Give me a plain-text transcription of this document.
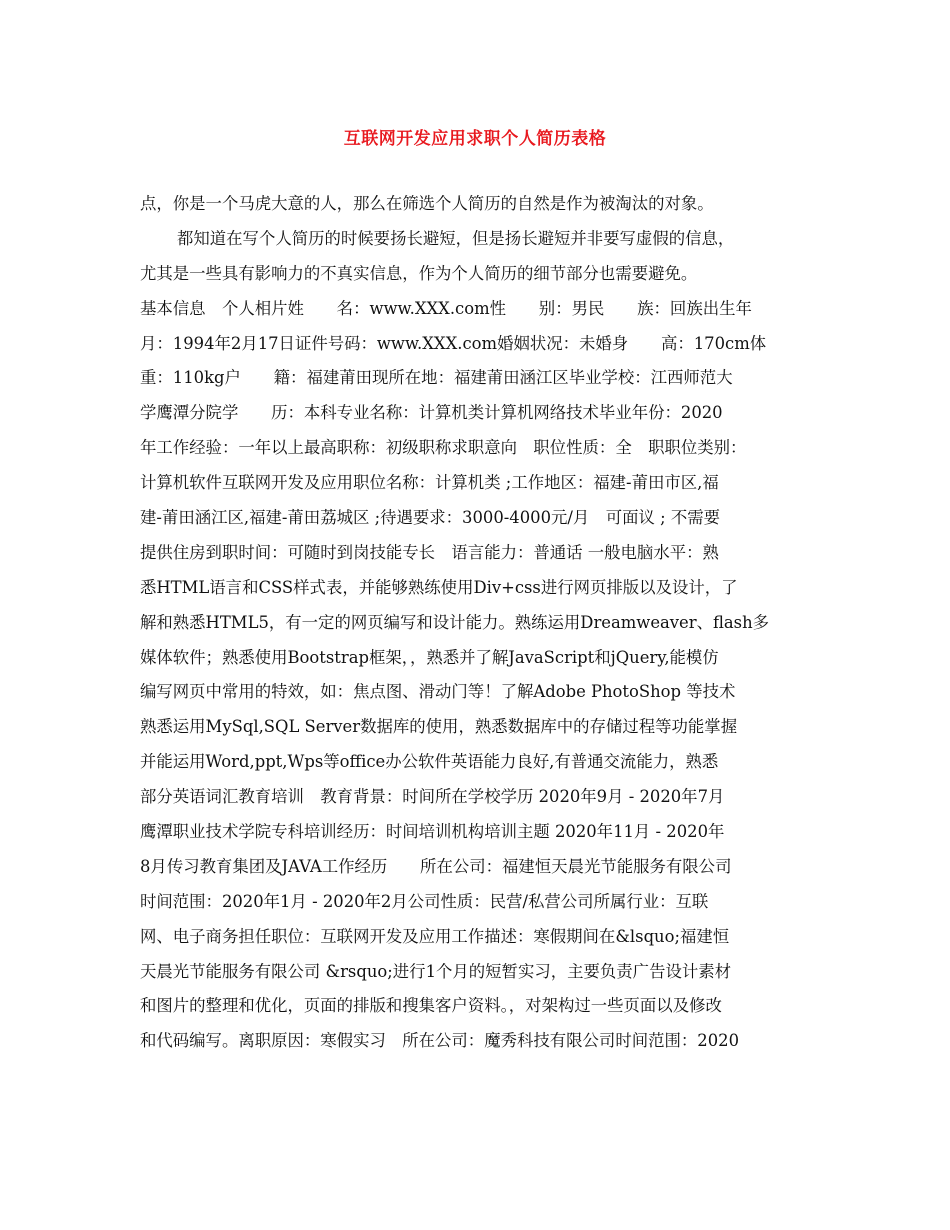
互联网开发应用求职个人简历表格
点，你是一个马虎大意的人，那么在筛选个人简历的自然是作为被淘汰的对象。
都知道在写个人简历的时候要扬长避短，但是扬长避短并非要写虚假的信息，
尤其是一些具有影响力的不真实信息，作为个人简历的细节部分也需要避免。
基本信息　个人相片姓　　名：www.XXX.com性　　别：男民　　族：回族出生年
月：1994年2月17日证件号码：www.XXX.com婚姻状况：未婚身　　高：170cm体
重：110kg户　　籍：福建莆田现所在地：福建莆田涵江区毕业学校：江西师范大
学鹰潭分院学　　历：本科专业名称：计算机类计算机网络技术毕业年份：2020
年工作经验：一年以上最高职称：初级职称求职意向　职位性质：全　职职位类别：
计算机软件互联网开发及应用职位名称：计算机类 ;工作地区：福建-莆田市区,福
建-莆田涵江区,福建-莆田荔城区 ;待遇要求：3000-4000元/月　可面议 ; 不需要
提供住房到职时间：可随时到岗技能专长　语言能力：普通话 一般电脑水平：熟
悉HTML语言和CSS样式表，并能够熟练使用Div+css进行网页排版以及设计，了
解和熟悉HTML5，有一定的网页编写和设计能力。熟练运用Dreamweaver、flash多
媒体软件；熟悉使用Bootstrap框架，，熟悉并了解JavaScript和jQuery,能模仿
编写网页中常用的特效，如：焦点图、滑动门等！了解Adobe PhotoShop 等技术
熟悉运用MySql,SQL Server数据库的使用，熟悉数据库中的存储过程等功能掌握
并能运用Word,ppt,Wps等office办公软件英语能力良好,有普通交流能力，熟悉
部分英语词汇教育培训　教育背景：时间所在学校学历 2020年9月 - 2020年7月
鹰潭职业技术学院专科培训经历：时间培训机构培训主题 2020年11月 - 2020年
8月传习教育集团及JAVA工作经历　　所在公司：福建恒天晨光节能服务有限公司
时间范围：2020年1月 - 2020年2月公司性质：民营/私营公司所属行业：互联
网、电子商务担任职位：互联网开发及应用工作描述：寒假期间在&lsquo;福建恒
天晨光节能服务有限公司 &rsquo;进行1个月的短暂实习，主要负责广告设计素材
和图片的整理和优化，页面的排版和搜集客户资料。，对架构过一些页面以及修改
和代码编写。离职原因：寒假实习　所在公司：魔秀科技有限公司时间范围：2020
